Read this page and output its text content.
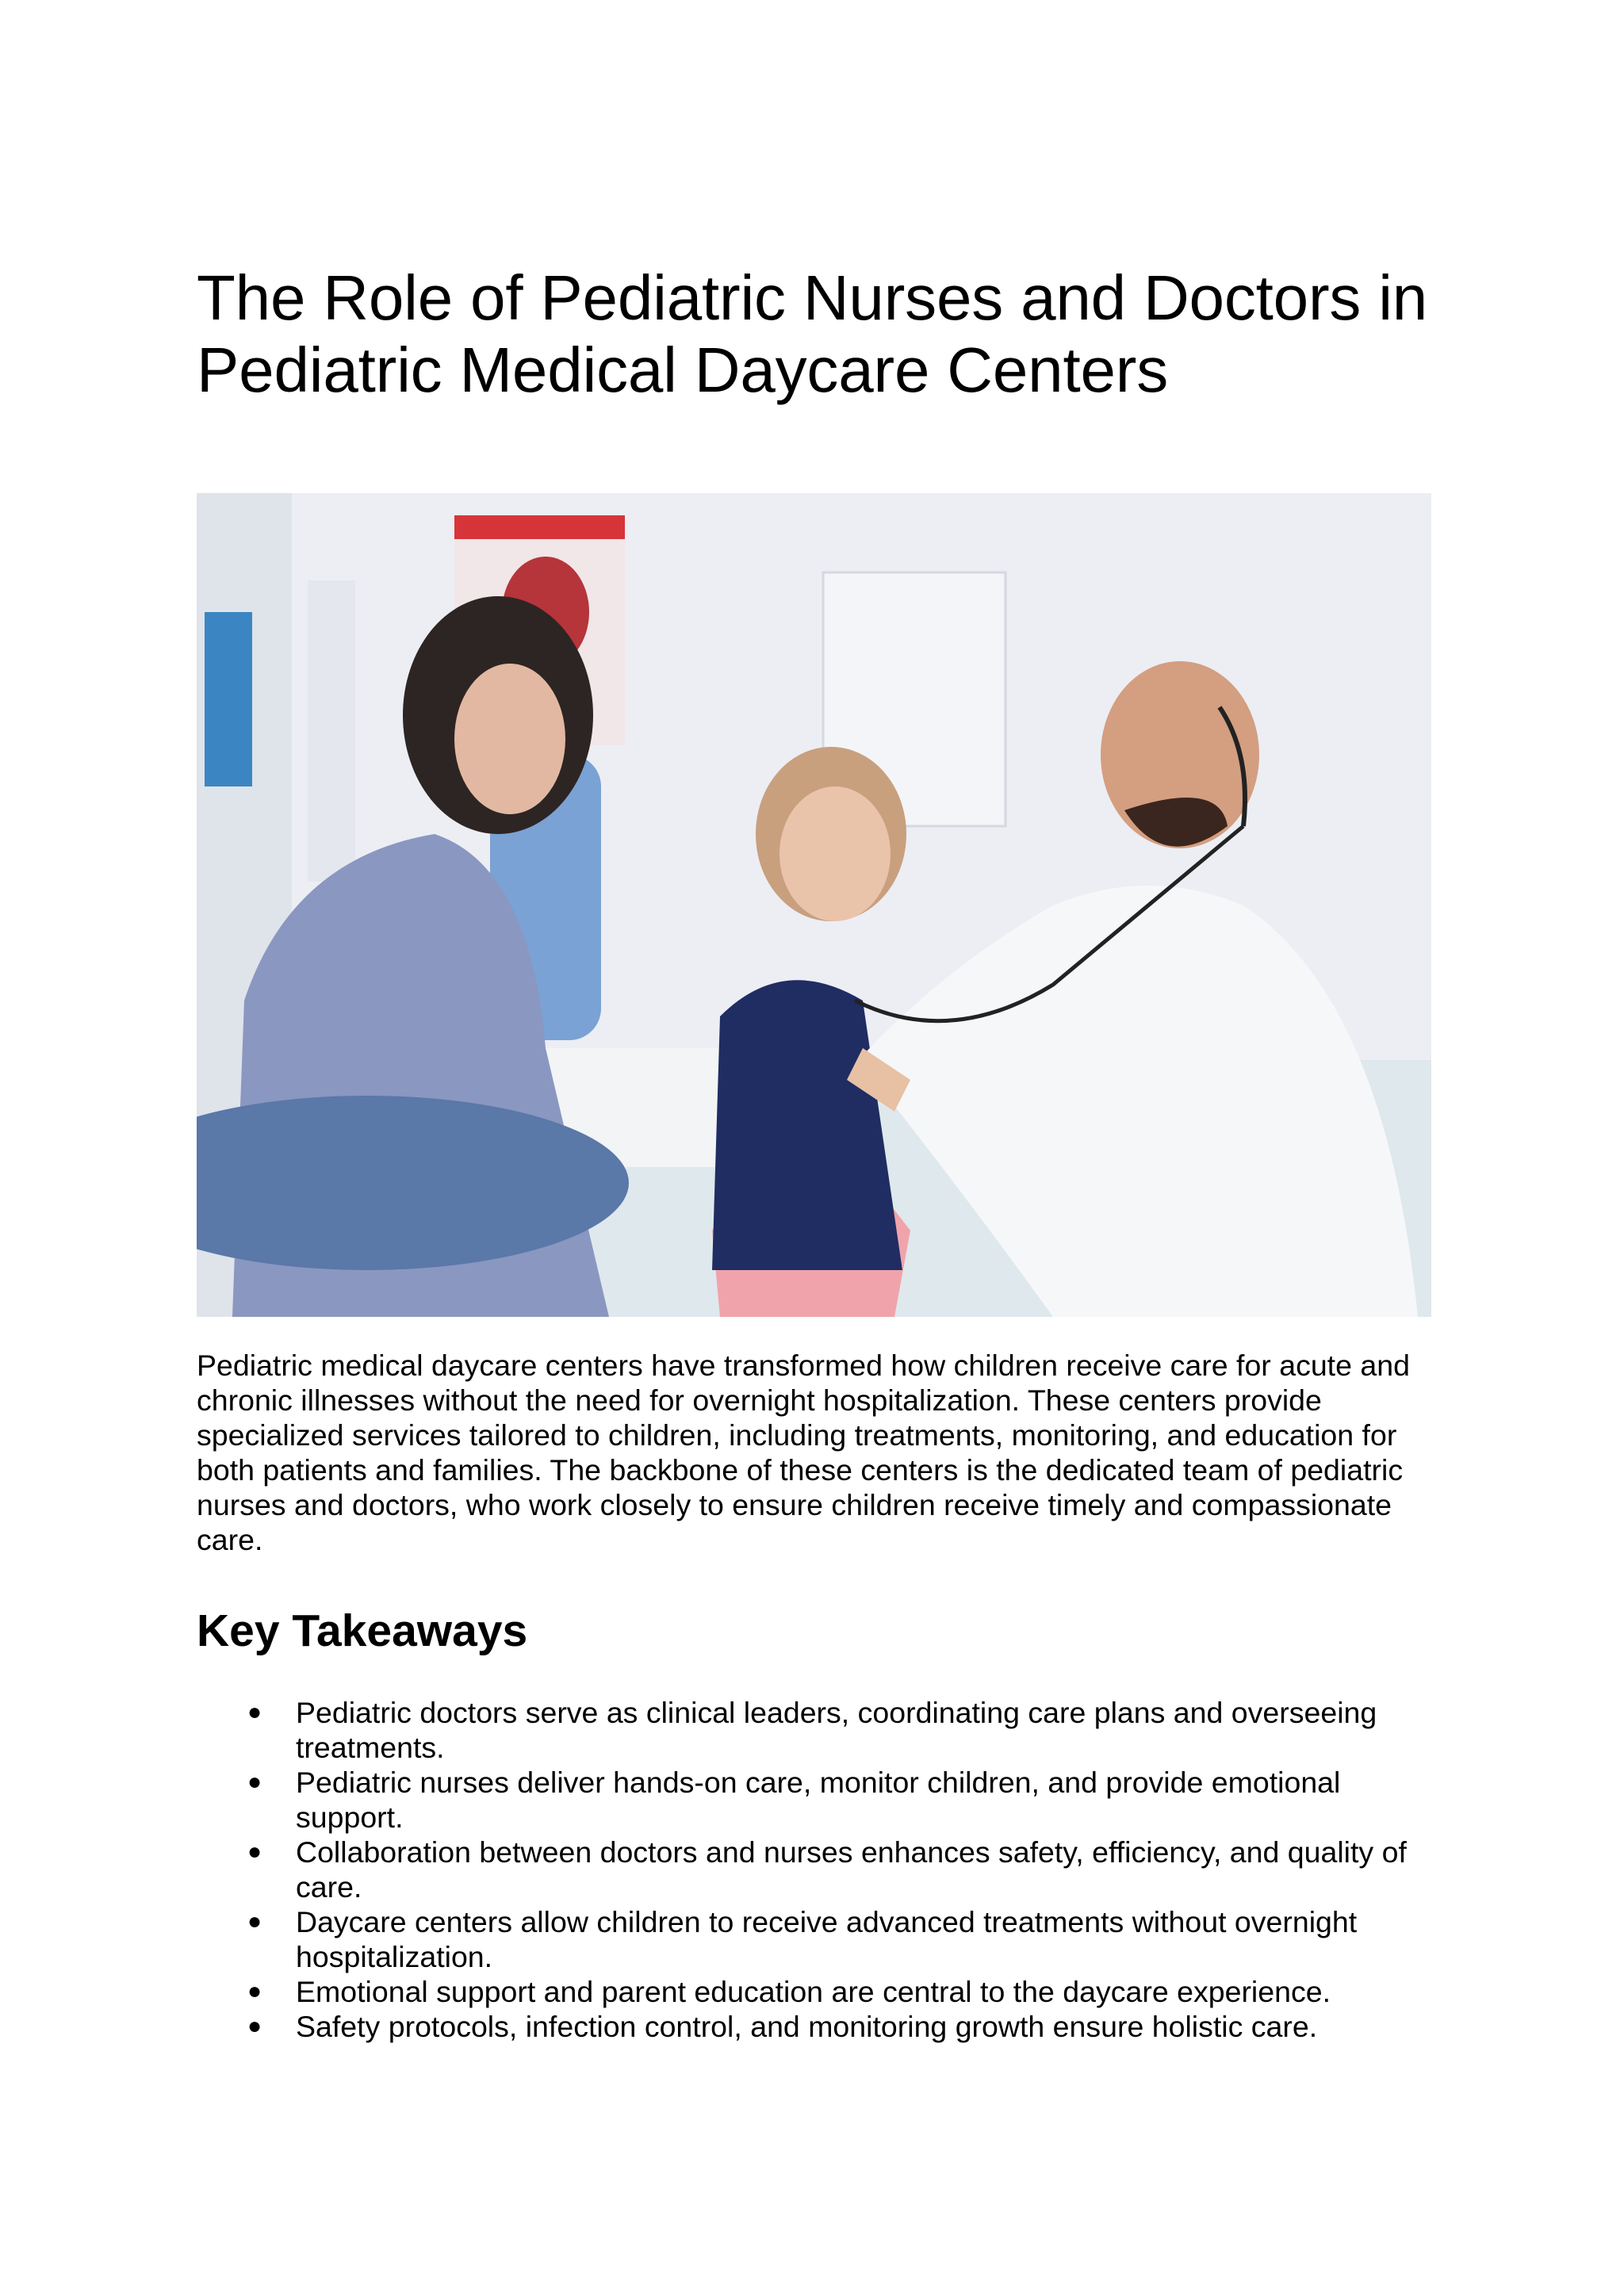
The Role of Pediatric Nurses and Doctors in Pediatric Medical Daycare Centers

Pediatric medical daycare centers have transformed how children receive care for acute and chronic illnesses without the need for overnight hospitalization. These centers provide specialized services tailored to children, including treatments, monitoring, and education for both patients and families. The backbone of these centers is the dedicated team of pediatric nurses and doctors, who work closely to ensure children receive timely and compassionate care.

Key Takeaways
● Pediatric doctors serve as clinical leaders, coordinating care plans and overseeing treatments.
● Pediatric nurses deliver hands-on care, monitor children, and provide emotional support.
● Collaboration between doctors and nurses enhances safety, efficiency, and quality of care.
● Daycare centers allow children to receive advanced treatments without overnight hospitalization.
● Emotional support and parent education are central to the daycare experience.
● Safety protocols, infection control, and monitoring growth ensure holistic care.
